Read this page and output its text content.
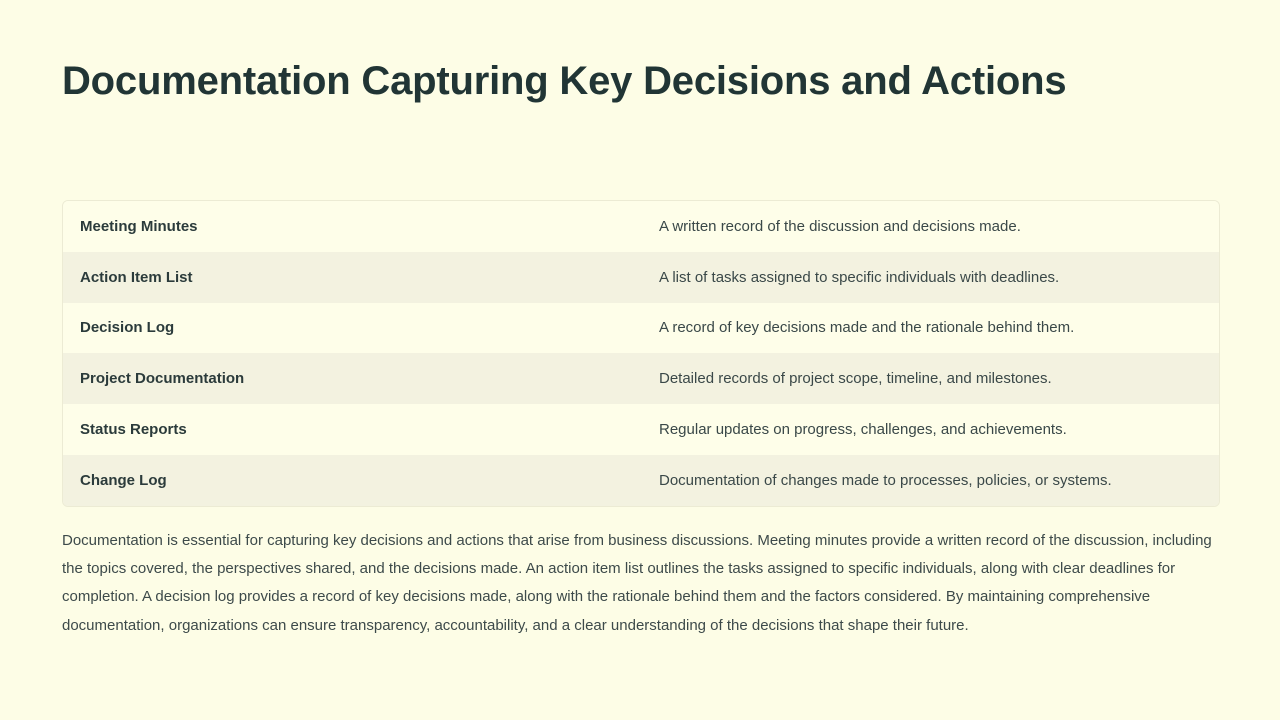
Documentation Capturing Key Decisions and Actions
Meeting Minutes	A written record of the discussion and decisions made.
Action Item List	A list of tasks assigned to specific individuals with deadlines.
Decision Log	A record of key decisions made and the rationale behind them.
Project Documentation	Detailed records of project scope, timeline, and milestones.
Status Reports	Regular updates on progress, challenges, and achievements.
Change Log	Documentation of changes made to processes, policies, or systems.

Documentation is essential for capturing key decisions and actions that arise from business discussions. Meeting minutes provide a written record of the discussion, including the topics covered, the perspectives shared, and the decisions made. An action item list outlines the tasks assigned to specific individuals, along with clear deadlines for completion. A decision log provides a record of key decisions made, along with the rationale behind them and the factors considered. By maintaining comprehensive documentation, organizations can ensure transparency, accountability, and a clear understanding of the decisions that shape their future.
